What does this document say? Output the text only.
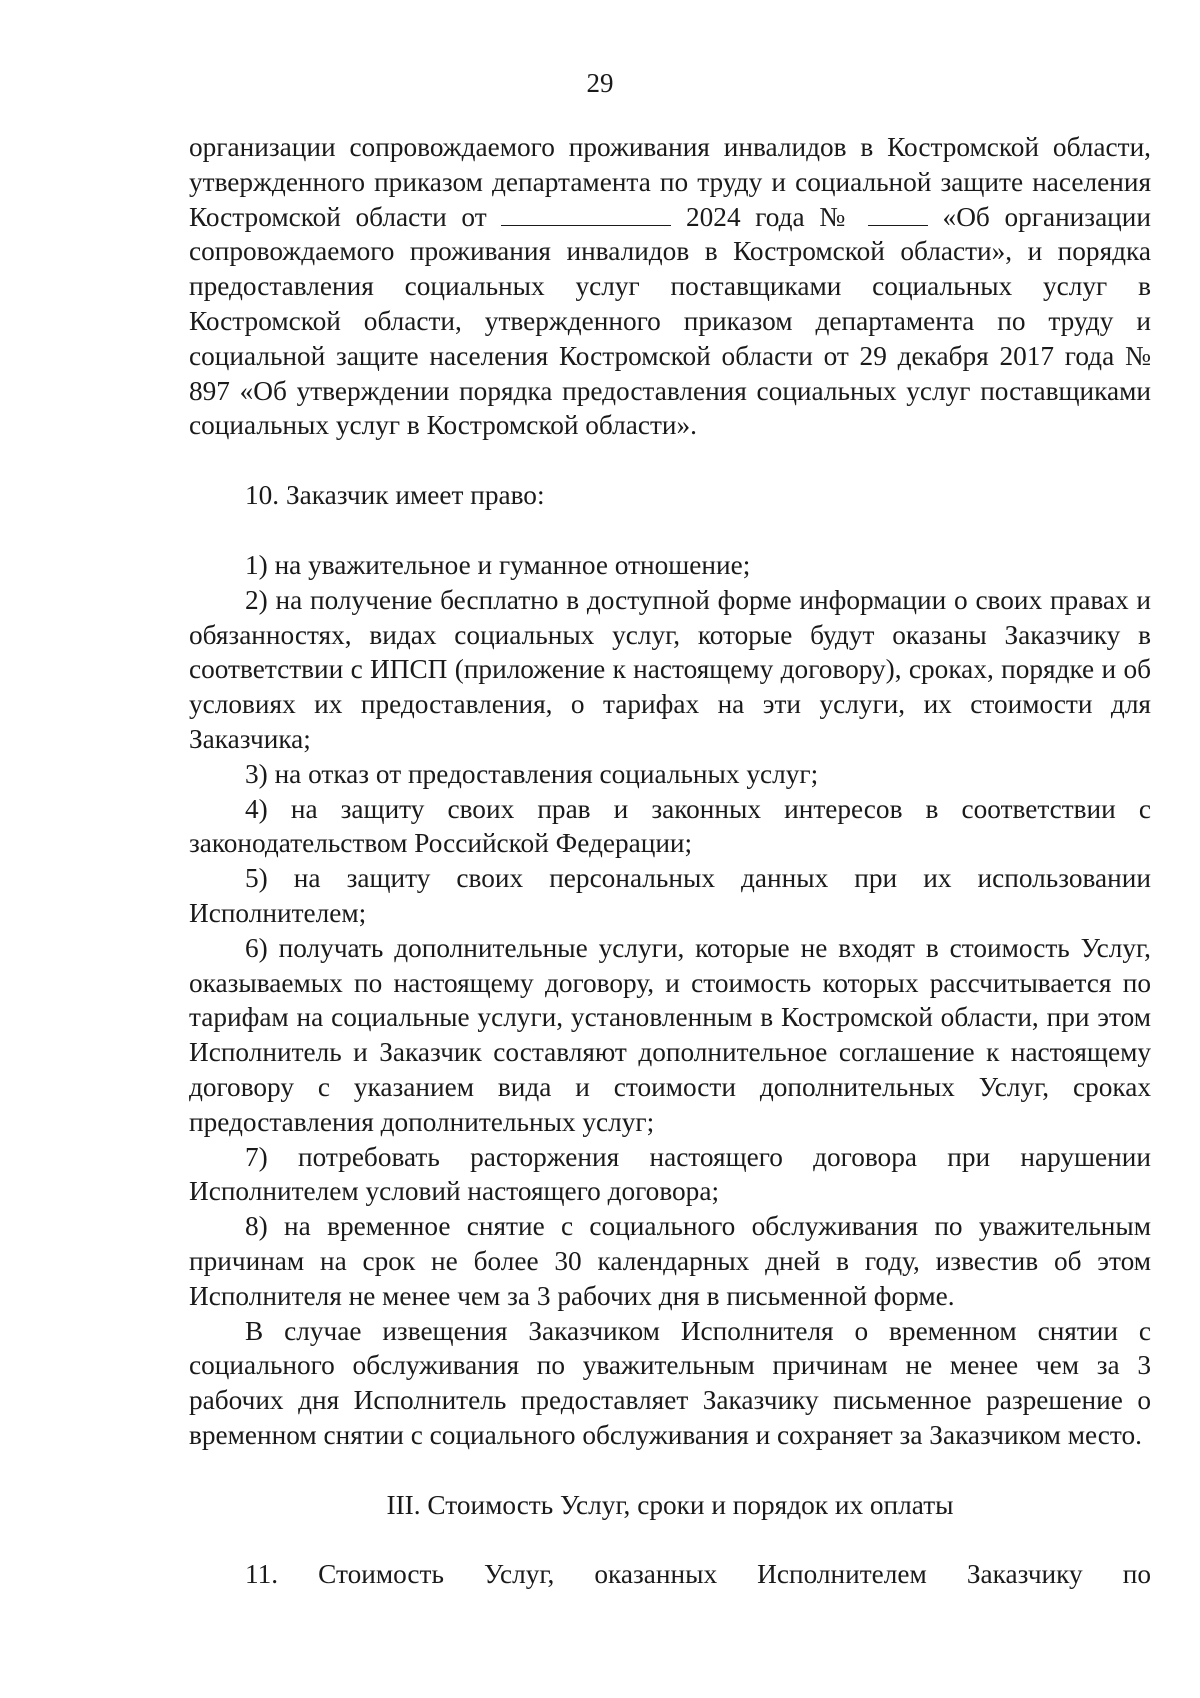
29

организации сопровождаемого проживания инвалидов в Костромской области, утвержденного приказом департамента по труду и социальной защите населения Костромской области от	2024 года №	«Об организации сопровождаемого проживания инвалидов в Костромской области», и порядка предоставления социальных услуг поставщиками социальных услуг в Костромской области, утвержденного приказом департамента по труду и социальной защите населения Костромской области от 29 декабря 2017 года № 897 «Об утверждении порядка предоставления социальных услуг поставщиками социальных услуг в Костромской области».

10. Заказчик имеет право:

1) на уважительное и гуманное отношение;

2) на получение бесплатно в доступной форме информации о своих правах и обязанностях, видах социальных услуг, которые будут оказаны Заказчику в соответствии с ИПСП (приложение к настоящему договору), сроках, порядке и об условиях их предоставления, о тарифах на эти услуги, их стоимости для Заказчика;

3) на отказ от предоставления социальных услуг;

4) на защиту своих прав и законных интересов в соответствии с законодательством Российской Федерации;

5) на защиту своих персональных данных при их использовании Исполнителем;

6) получать дополнительные услуги, которые не входят в стоимость Услуг, оказываемых по настоящему договору, и стоимость которых рассчитывается по тарифам на социальные услуги, установленным в Костромской области, при этом Исполнитель и Заказчик составляют дополнительное соглашение к настоящему договору с указанием вида и стоимости дополнительных Услуг, сроках предоставления дополнительных услуг;

7) потребовать расторжения настоящего договора при нарушении Исполнителем условий настоящего договора;

8) на временное снятие с социального обслуживания по уважительным причинам на срок не более 30 календарных дней в году, известив об этом Исполнителя не менее чем за 3 рабочих дня в письменной форме.

В случае извещения Заказчиком Исполнителя о временном снятии с социального обслуживания по уважительным причинам не менее чем за 3 рабочих дня Исполнитель предоставляет Заказчику письменное разрешение о временном снятии с социального обслуживания и сохраняет за Заказчиком место.

III. Стоимость Услуг, сроки и порядок их оплаты

11. Стоимость Услуг, оказанных Исполнителем Заказчику по
